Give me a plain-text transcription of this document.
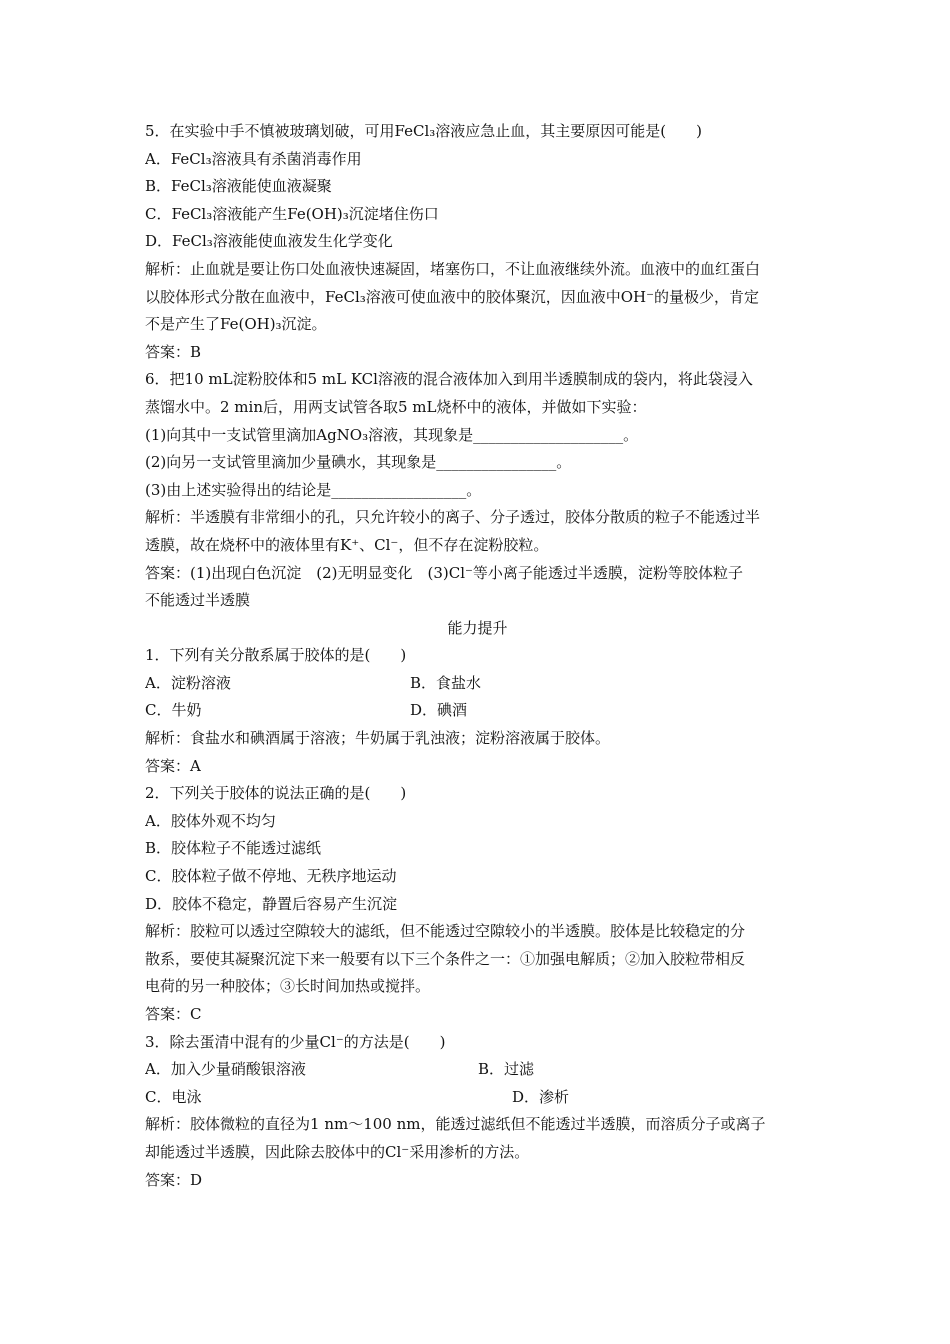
5．在实验中手不慎被玻璃划破，可用FeCl₃溶液应急止血，其主要原因可能是(　　)
A．FeCl₃溶液具有杀菌消毒作用
B．FeCl₃溶液能使血液凝聚
C．FeCl₃溶液能产生Fe(OH)₃沉淀堵住伤口
D．FeCl₃溶液能使血液发生化学变化
解析：止血就是要让伤口处血液快速凝固，堵塞伤口，不让血液继续外流。血液中的血红蛋白
以胶体形式分散在血液中，FeCl₃溶液可使血液中的胶体聚沉，因血液中OH⁻的量极少，肯定
不是产生了Fe(OH)₃沉淀。
答案：B
6．把10 mL淀粉胶体和5 mL KCl溶液的混合液体加入到用半透膜制成的袋内，将此袋浸入
蒸馏水中。2 min后，用两支试管各取5 mL烧杯中的液体，并做如下实验：
(1)向其中一支试管里滴加AgNO₃溶液，其现象是____________________。
(2)向另一支试管里滴加少量碘水，其现象是________________。
(3)由上述实验得出的结论是__________________。
解析：半透膜有非常细小的孔，只允许较小的离子、分子透过，胶体分散质的粒子不能透过半
透膜，故在烧杯中的液体里有K⁺、Cl⁻，但不存在淀粉胶粒。
答案：(1)出现白色沉淀　(2)无明显变化　(3)Cl⁻等小离子能透过半透膜，淀粉等胶体粒子
不能透过半透膜
能力提升
1．下列有关分散系属于胶体的是(　　)
A．淀粉溶液	B．食盐水
C．牛奶	D．碘酒
解析：食盐水和碘酒属于溶液；牛奶属于乳浊液；淀粉溶液属于胶体。
答案：A
2．下列关于胶体的说法正确的是(　　)
A．胶体外观不均匀
B．胶体粒子不能透过滤纸
C．胶体粒子做不停地、无秩序地运动
D．胶体不稳定，静置后容易产生沉淀
解析：胶粒可以透过空隙较大的滤纸，但不能透过空隙较小的半透膜。胶体是比较稳定的分
散系，要使其凝聚沉淀下来一般要有以下三个条件之一：①加强电解质；②加入胶粒带相反
电荷的另一种胶体；③长时间加热或搅拌。
答案：C
3．除去蛋清中混有的少量Cl⁻的方法是(　　)
A．加入少量硝酸银溶液	B．过滤
C．电泳	D．渗析
解析：胶体微粒的直径为1 nm～100 nm，能透过滤纸但不能透过半透膜，而溶质分子或离子
却能透过半透膜，因此除去胶体中的Cl⁻采用渗析的方法。
答案：D
